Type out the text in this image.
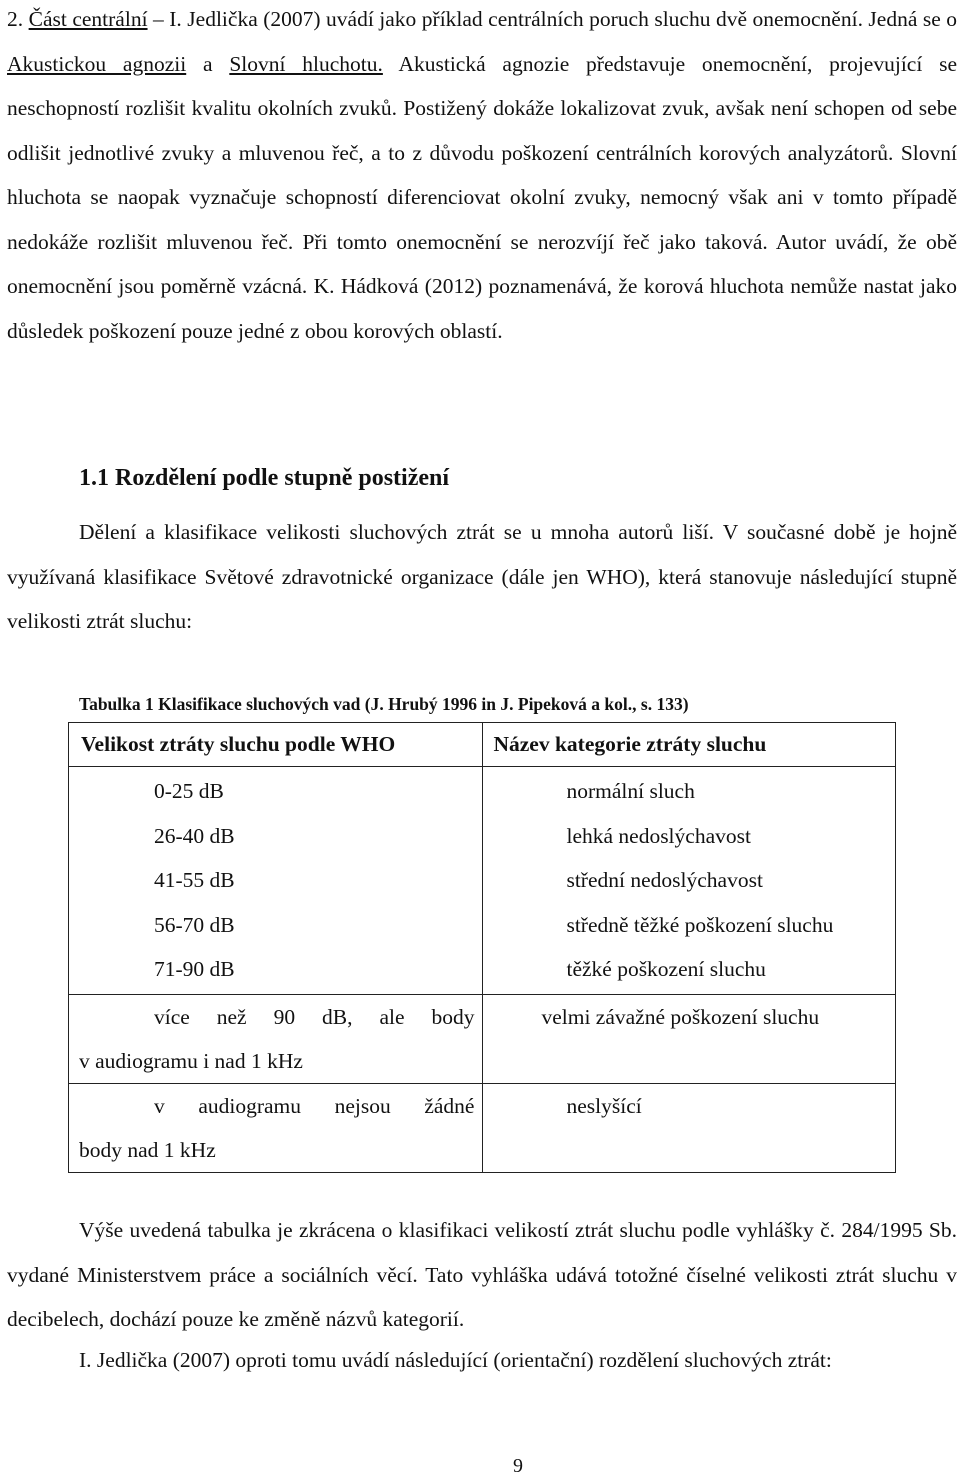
2. Část centrální – I. Jedlička (2007) uvádí jako příklad centrálních poruch sluchu dvě onemocnění. Jedná se o Akustickou agnozii a Slovní hluchotu. Akustická agnozie představuje onemocnění, projevující se neschopností rozlišit kvalitu okolních zvuků. Postižený dokáže lokalizovat zvuk, avšak není schopen od sebe odlišit jednotlivé zvuky a mluvenou řeč, a to z důvodu poškození centrálních korových analyzátorů. Slovní hluchota se naopak vyznačuje schopností diferenciovat okolní zvuky, nemocný však ani v tomto případě nedokáže rozlišit mluvenou řeč. Při tomto onemocnění se nerozvíjí řeč jako taková. Autor uvádí, že obě onemocnění jsou poměrně vzácná. K. Hádková (2012) poznamenává, že korová hluchota nemůže nastat jako důsledek poškození pouze jedné z obou korových oblastí.

1.1 Rozdělení podle stupně postižení

Dělení a klasifikace velikosti sluchových ztrát se u mnoha autorů liší. V současné době je hojně využívaná klasifikace Světové zdravotnické organizace (dále jen WHO), která stanovuje následující stupně velikosti ztrát sluchu:

Tabulka 1 Klasifikace sluchových vad (J. Hrubý 1996 in J. Pipeková a kol., s. 133)

Velikost ztráty sluchu podle WHO	Název kategorie ztráty sluchu
0-25 dB	normální sluch
26-40 dB	lehká nedoslýchavost
41-55 dB	střední nedoslýchavost
56-70 dB	středně těžké poškození sluchu
71-90 dB	těžké poškození sluchu

více než 90 dB, ale body
v audiogramu i nad 1 kHz	velmi závažné poškození sluchu

v audiogramu nejsou žádné
body nad 1 kHz	neslyšící

Výše uvedená tabulka je zkrácena o klasifikaci velikostí ztrát sluchu podle vyhlášky č. 284/1995 Sb. vydané Ministerstvem práce a sociálních věcí. Tato vyhláška udává totožné číselné velikosti ztrát sluchu v decibelech, dochází pouze ke změně názvů kategorií.

I. Jedlička (2007) oproti tomu uvádí následující (orientační) rozdělení sluchových ztrát:

9
